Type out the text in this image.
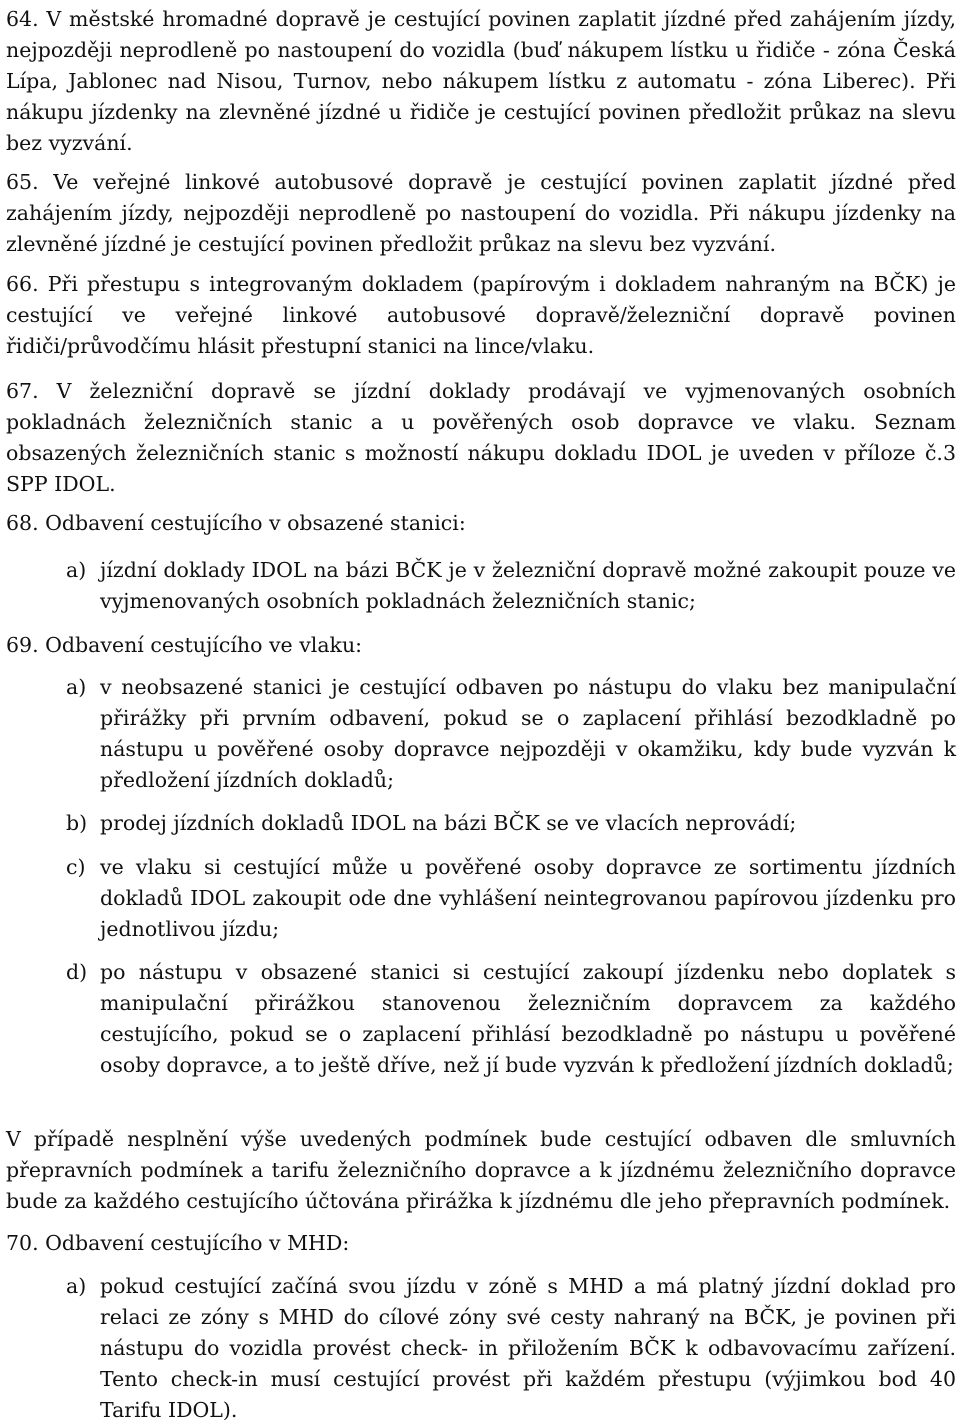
64. V městské hromadné dopravě je cestující povinen zaplatit jízdné před zahájením jízdy, nejpozději neprodleně po nastoupení do vozidla (buď nákupem lístku u řidiče - zóna Česká Lípa, Jablonec nad Nisou, Turnov, nebo nákupem lístku z automatu - zóna Liberec). Při nákupu jízdenky na zlevněné jízdné u řidiče je cestující povinen předložit průkaz na slevu bez vyzvání.
65. Ve veřejné linkové autobusové dopravě je cestující povinen zaplatit jízdné před zahájením jízdy, nejpozději neprodleně po nastoupení do vozidla. Při nákupu jízdenky na zlevněné jízdné je cestující povinen předložit průkaz na slevu bez vyzvání.
66. Při přestupu s integrovaným dokladem (papírovým i dokladem nahraným na BČK) je cestující ve veřejné linkové autobusové dopravě/železniční dopravě povinen řidiči/průvodčímu hlásit přestupní stanici na lince/vlaku.
67. V železniční dopravě se jízdní doklady prodávají ve vyjmenovaných osobních pokladnách železničních stanic a u pověřených osob dopravce ve vlaku. Seznam obsazených železničních stanic s možností nákupu dokladu IDOL je uveden v příloze č.3 SPP IDOL.
68. Odbavení cestujícího v obsazené stanici:
a) jízdní doklady IDOL na bázi BČK je v železniční dopravě možné zakoupit pouze ve vyjmenovaných osobních pokladnách železničních stanic;
69. Odbavení cestujícího ve vlaku:
a) v neobsazené stanici je cestující odbaven po nástupu do vlaku bez manipulační přirážky při prvním odbavení, pokud se o zaplacení přihlásí bezodkladně po nástupu u pověřené osoby dopravce nejpozději v okamžiku, kdy bude vyzván k předložení jízdních dokladů;
b) prodej jízdních dokladů IDOL na bázi BČK se ve vlacích neprovádí;
c) ve vlaku si cestující může u pověřené osoby dopravce ze sortimentu jízdních dokladů IDOL zakoupit ode dne vyhlášení neintegrovanou papírovou jízdenku pro jednotlivou jízdu;
d) po nástupu v obsazené stanici si cestující zakoupí jízdenku nebo doplatek s manipulační přirážkou stanovenou železničním dopravcem za každého cestujícího, pokud se o zaplacení přihlásí bezodkladně po nástupu u pověřené osoby dopravce, a to ještě dříve, než jí bude vyzván k předložení jízdních dokladů;
V případě nesplnění výše uvedených podmínek bude cestující odbaven dle smluvních přepravních podmínek a tarifu železničního dopravce a k jízdnému železničního dopravce bude za každého cestujícího účtována přirážka k jízdnému dle jeho přepravních podmínek.
70. Odbavení cestujícího v MHD:
a) pokud cestující začíná svou jízdu v zóně s MHD a má platný jízdní doklad pro relaci ze zóny s MHD do cílové zóny své cesty nahraný na BČK, je povinen při nástupu do vozidla provést check- in přiložením BČK k odbavovacímu zařízení. Tento check-in musí cestující provést při každém přestupu (výjimkou bod 40 Tarifu IDOL).
